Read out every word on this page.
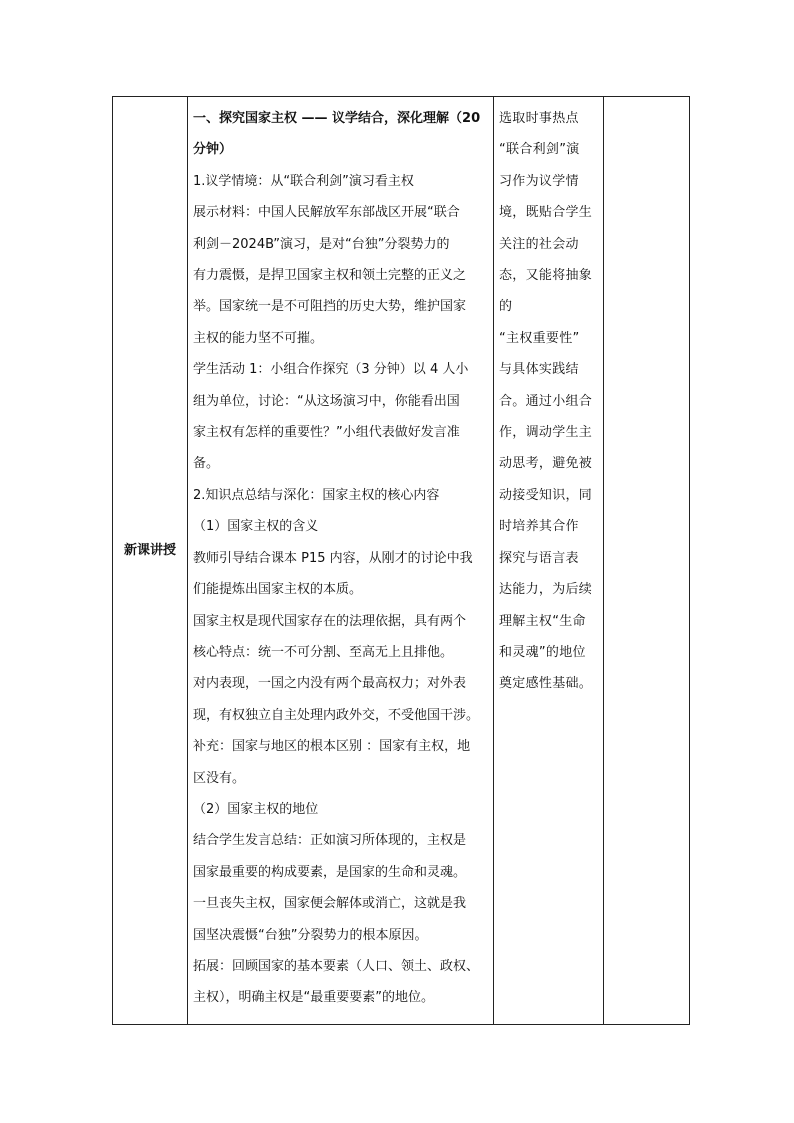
新课讲授

一、探究国家主权 —— 议学结合，深化理解（20

分钟）

1.议学情境：从“联合利剑”演习看主权

展示材料：中国人民解放军东部战区开展“联合

利剑－2024B”演习，是对“台独”分裂势力的

有力震慑，是捍卫国家主权和领土完整的正义之

举。国家统一是不可阻挡的历史大势，维护国家

主权的能力坚不可摧。

学生活动 1：小组合作探究（3 分钟）以 4 人小

组为单位，讨论：“从这场演习中，你能看出国

家主权有怎样的重要性？”小组代表做好发言准

备。

2.知识点总结与深化：国家主权的核心内容

（1）国家主权的含义

教师引导结合课本 P15 内容，从刚才的讨论中我

们能提炼出国家主权的本质。

国家主权是现代国家存在的法理依据，具有两个

核心特点：统一不可分割、至高无上且排他。

对内表现，一国之内没有两个最高权力；对外表

现，有权独立自主处理内政外交，不受他国干涉。

补充：国家与地区的根本区别 ：国家有主权，地

区没有。

（2）国家主权的地位

结合学生发言总结：正如演习所体现的，主权是

国家最重要的构成要素，是国家的生命和灵魂。

一旦丧失主权，国家便会解体或消亡，这就是我

国坚决震慑“台独”分裂势力的根本原因。

拓展：回顾国家的基本要素（人口、领土、政权、

主权），明确主权是“最重要要素”的地位。

选取时事热点

“联合利剑”演

习作为议学情

境，既贴合学生

关注的社会动

态，又能将抽象的

“主权重要性”

与具体实践结

合。通过小组合

作，调动学生主

动思考，避免被

动接受知识，同

时培养其合作

探究与语言表

达能力，为后续

理解主权“生命

和灵魂”的地位

奠定感性基础。
